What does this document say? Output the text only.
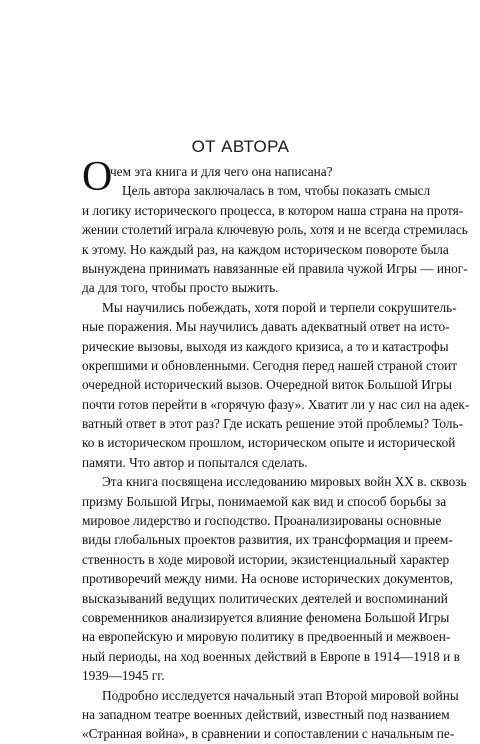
ОТ АВТОРА
О
чем эта книга и для чего она написана?
Цель автора заключалась в том, чтобы показать смысл
и логику исторического процесса, в котором наша страна на протя-
жении столетий играла ключевую роль, хотя и не всегда стремилась
к этому. Но каждый раз, на каждом историческом повороте была
вынуждена принимать навязанные ей правила чужой Игры — иног-
да для того, чтобы просто выжить.
Мы научились побеждать, хотя порой и терпели сокрушитель-
ные поражения. Мы научились давать адекватный ответ на исто-
рические вызовы, выходя из каждого кризиса, а то и катастрофы
окрепшими и обновленными. Сегодня перед нашей страной стоит
очередной исторический вызов. Очередной виток Большой Игры
почти готов перейти в «горячую фазу». Хватит ли у нас сил на адек-
ватный ответ в этот раз? Где искать решение этой проблемы? Толь-
ко в историческом прошлом, историческом опыте и исторической
памяти. Что автор и попытался сделать.
Эта книга посвящена исследованию мировых войн XX в. сквозь
призму Большой Игры, понимаемой как вид и способ борьбы за
мировое лидерство и господство. Проанализированы основные
виды глобальных проектов развития, их трансформация и преем-
ственность в ходе мировой истории, экзистенциальный характер
противоречий между ними. На основе исторических документов,
высказываний ведущих политических деятелей и воспоминаний
современников анализируется влияние феномена Большой Игры
на европейскую и мировую политику в предвоенный и межвоен-
ный периоды, на ход военных действий в Европе в 1914—1918 и в
1939—1945 гг.
Подробно исследуется начальный этап Второй мировой войны
на западном театре военных действий, известный под названием
«Странная война», в сравнении и сопоставлении с начальным пе-
